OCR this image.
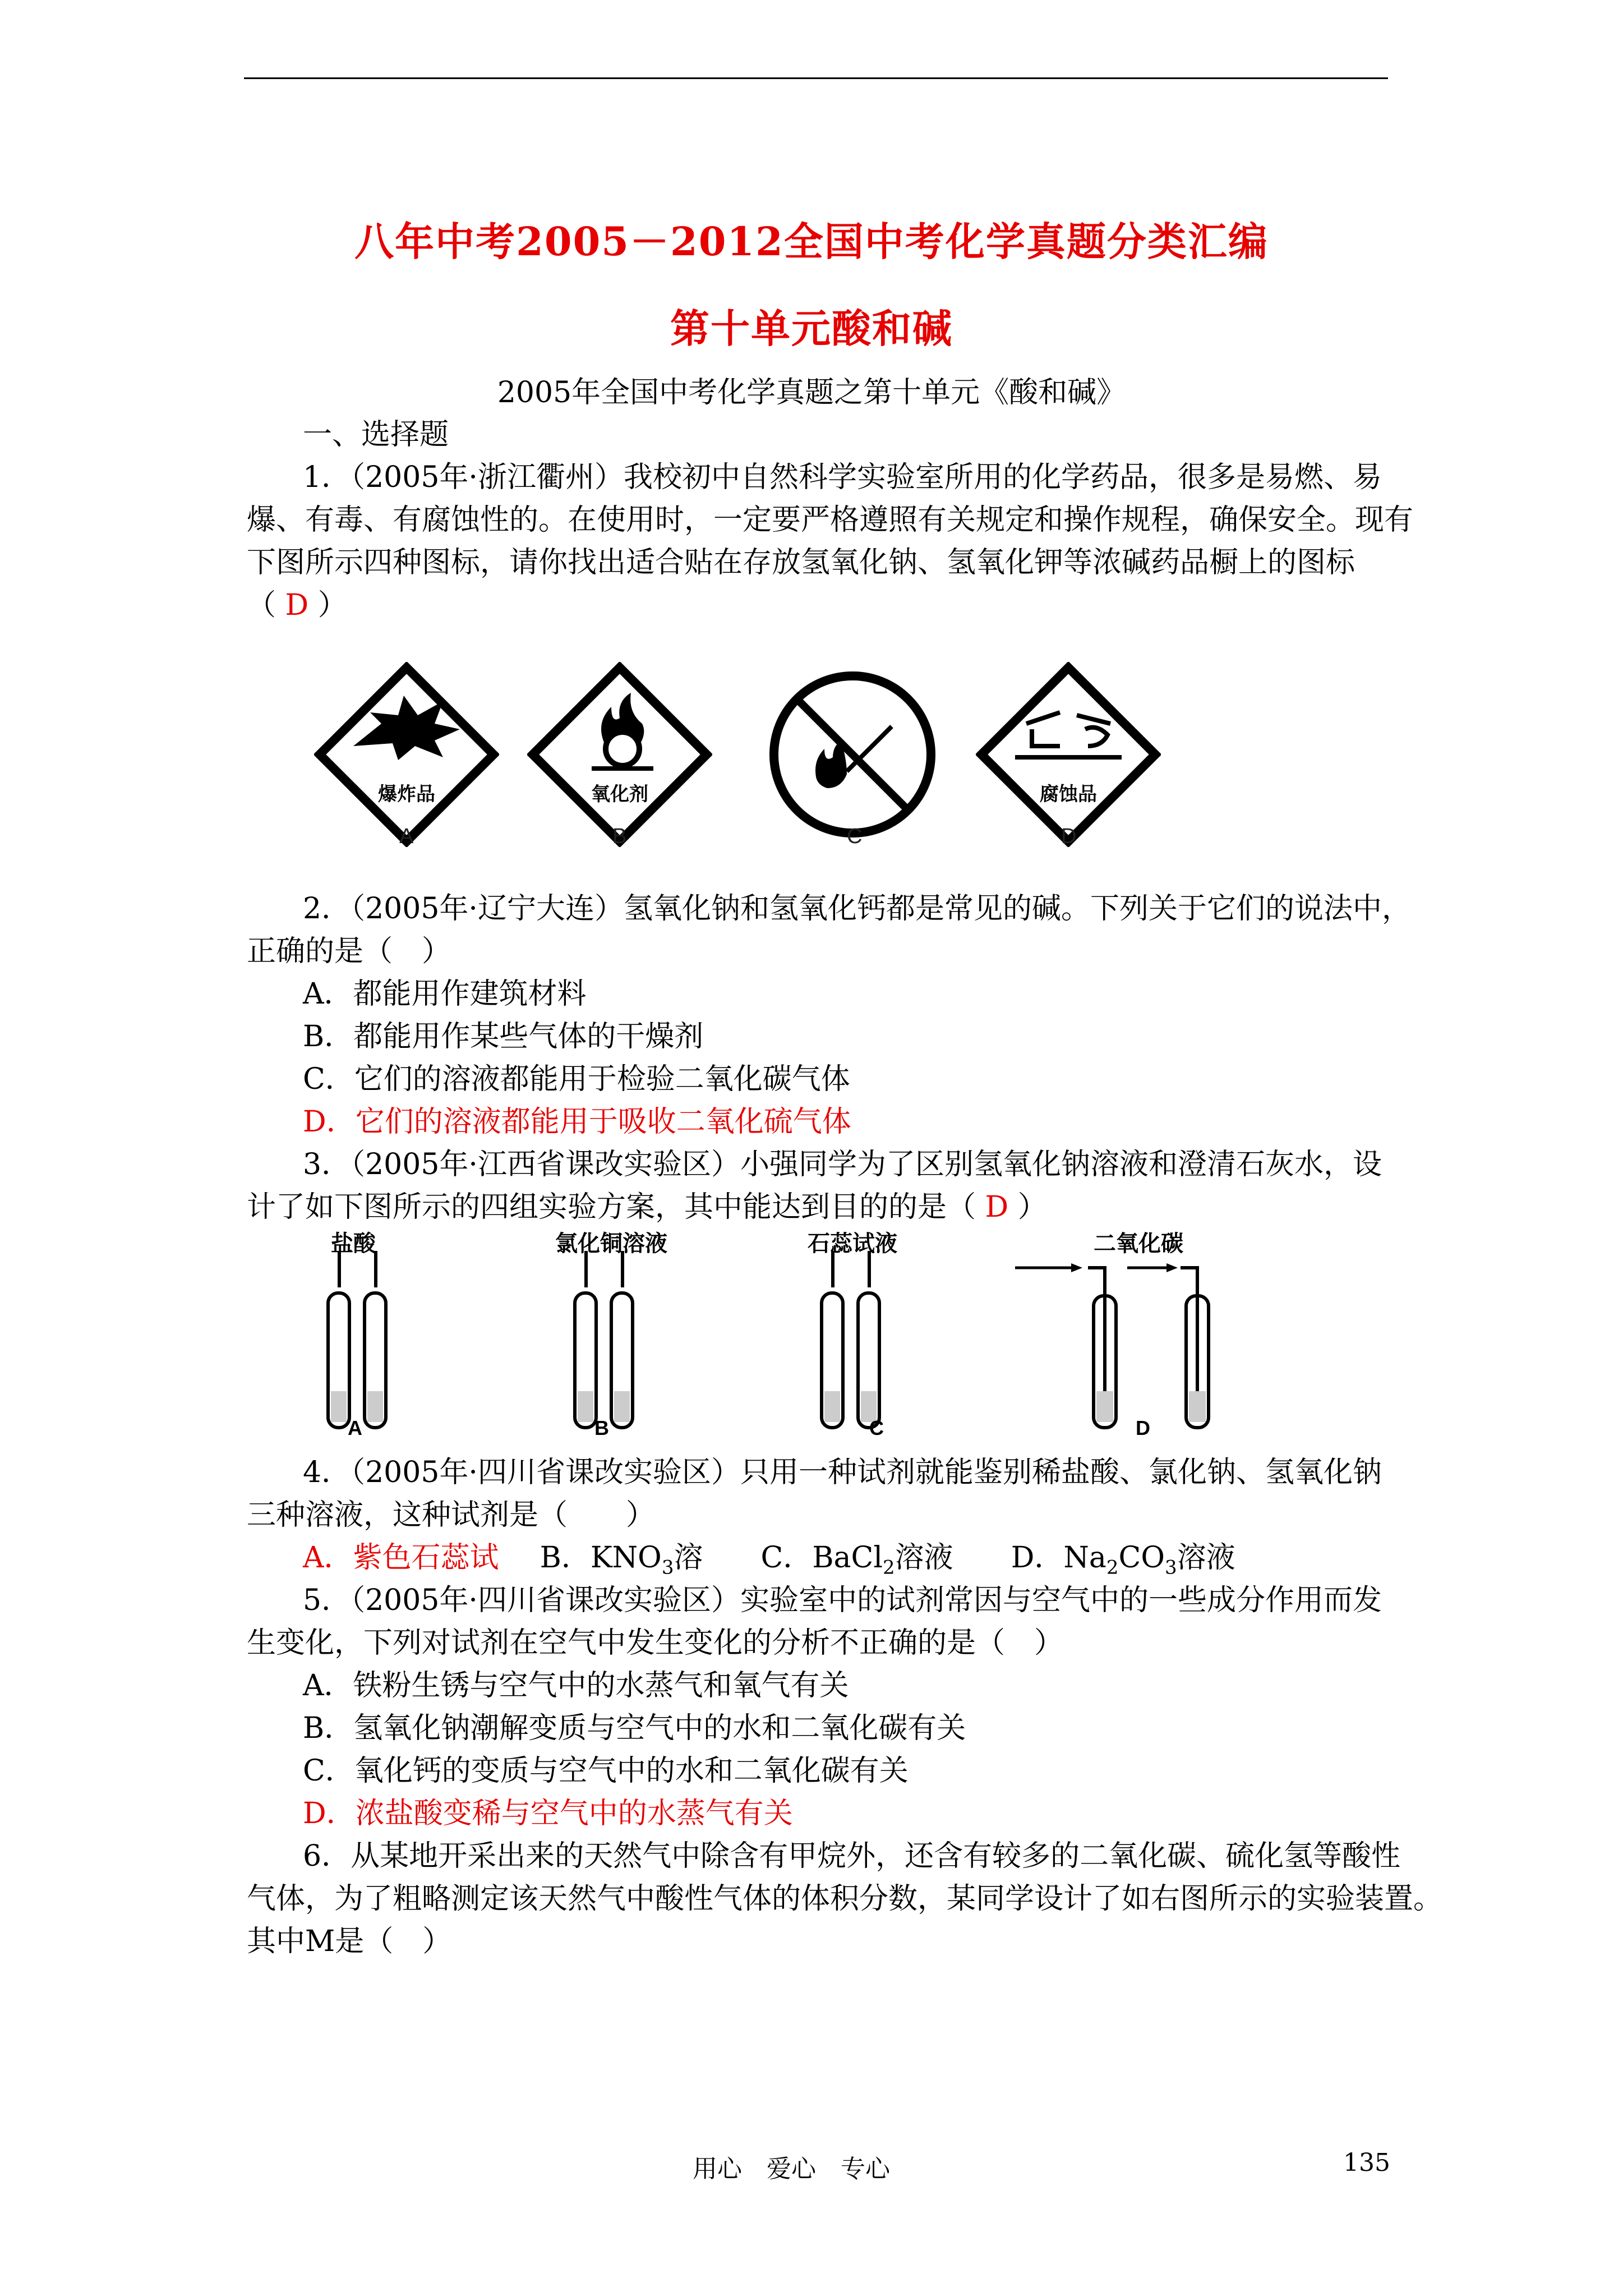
八年中考2005－2012全国中考化学真题分类汇编
第十单元酸和碱
2005年全国中考化学真题之第十单元《酸和碱》
一、选择题
1．（2005年·浙江衢州）我校初中自然科学实验室所用的化学药品，很多是易燃、易
爆、有毒、有腐蚀性的。在使用时，一定要严格遵照有关规定和操作规程，确保安全。现有
下图所示四种图标，请你找出适合贴在存放氢氧化钠、氢氧化钾等浓碱药品橱上的图标
（ D ）
爆炸品
A
氧化剂
B	C
腐蚀品
D
2．（2005年·辽宁大连）氢氧化钠和氢氧化钙都是常见的碱。下列关于它们的说法中，
正确的是（　）
A．都能用作建筑材料
B．都能用作某些气体的干燥剂
C．它们的溶液都能用于检验二氧化碳气体
D．它们的溶液都能用于吸收二氧化硫气体
3．（2005年·江西省课改实验区）小强同学为了区别氢氧化钠溶液和澄清石灰水，设
计了如下图所示的四组实验方案，其中能达到目的的是（ D ）
盐酸
A
氯化铜溶液
B
石蕊试液
C
二氧化碳
D
4．（2005年·四川省课改实验区）只用一种试剂就能鉴别稀盐酸、氯化钠、氢氧化钠
三种溶液，这种试剂是（　　）
A．紫色石蕊试 B．$KNO_3$溶 C．BaCl$_2$溶液 D．$Na_2CO_3$溶液
5．（2005年·四川省课改实验区）实验室中的试剂常因与空气中的一些成分作用而发
生变化，下列对试剂在空气中发生变化的分析不正确的是（　）
A．铁粉生锈与空气中的水蒸气和氧气有关
B．氢氧化钠潮解变质与空气中的水和二氧化碳有关
C．氧化钙的变质与空气中的水和二氧化碳有关
D．浓盐酸变稀与空气中的水蒸气有关
6．从某地开采出来的天然气中除含有甲烷外，还含有较多的二氧化碳、硫化氢等酸性
气体，为了粗略测定该天然气中酸性气体的体积分数，某同学设计了如右图所示的实验装置。
其中M是（　）
用心　爱心　专心	135
